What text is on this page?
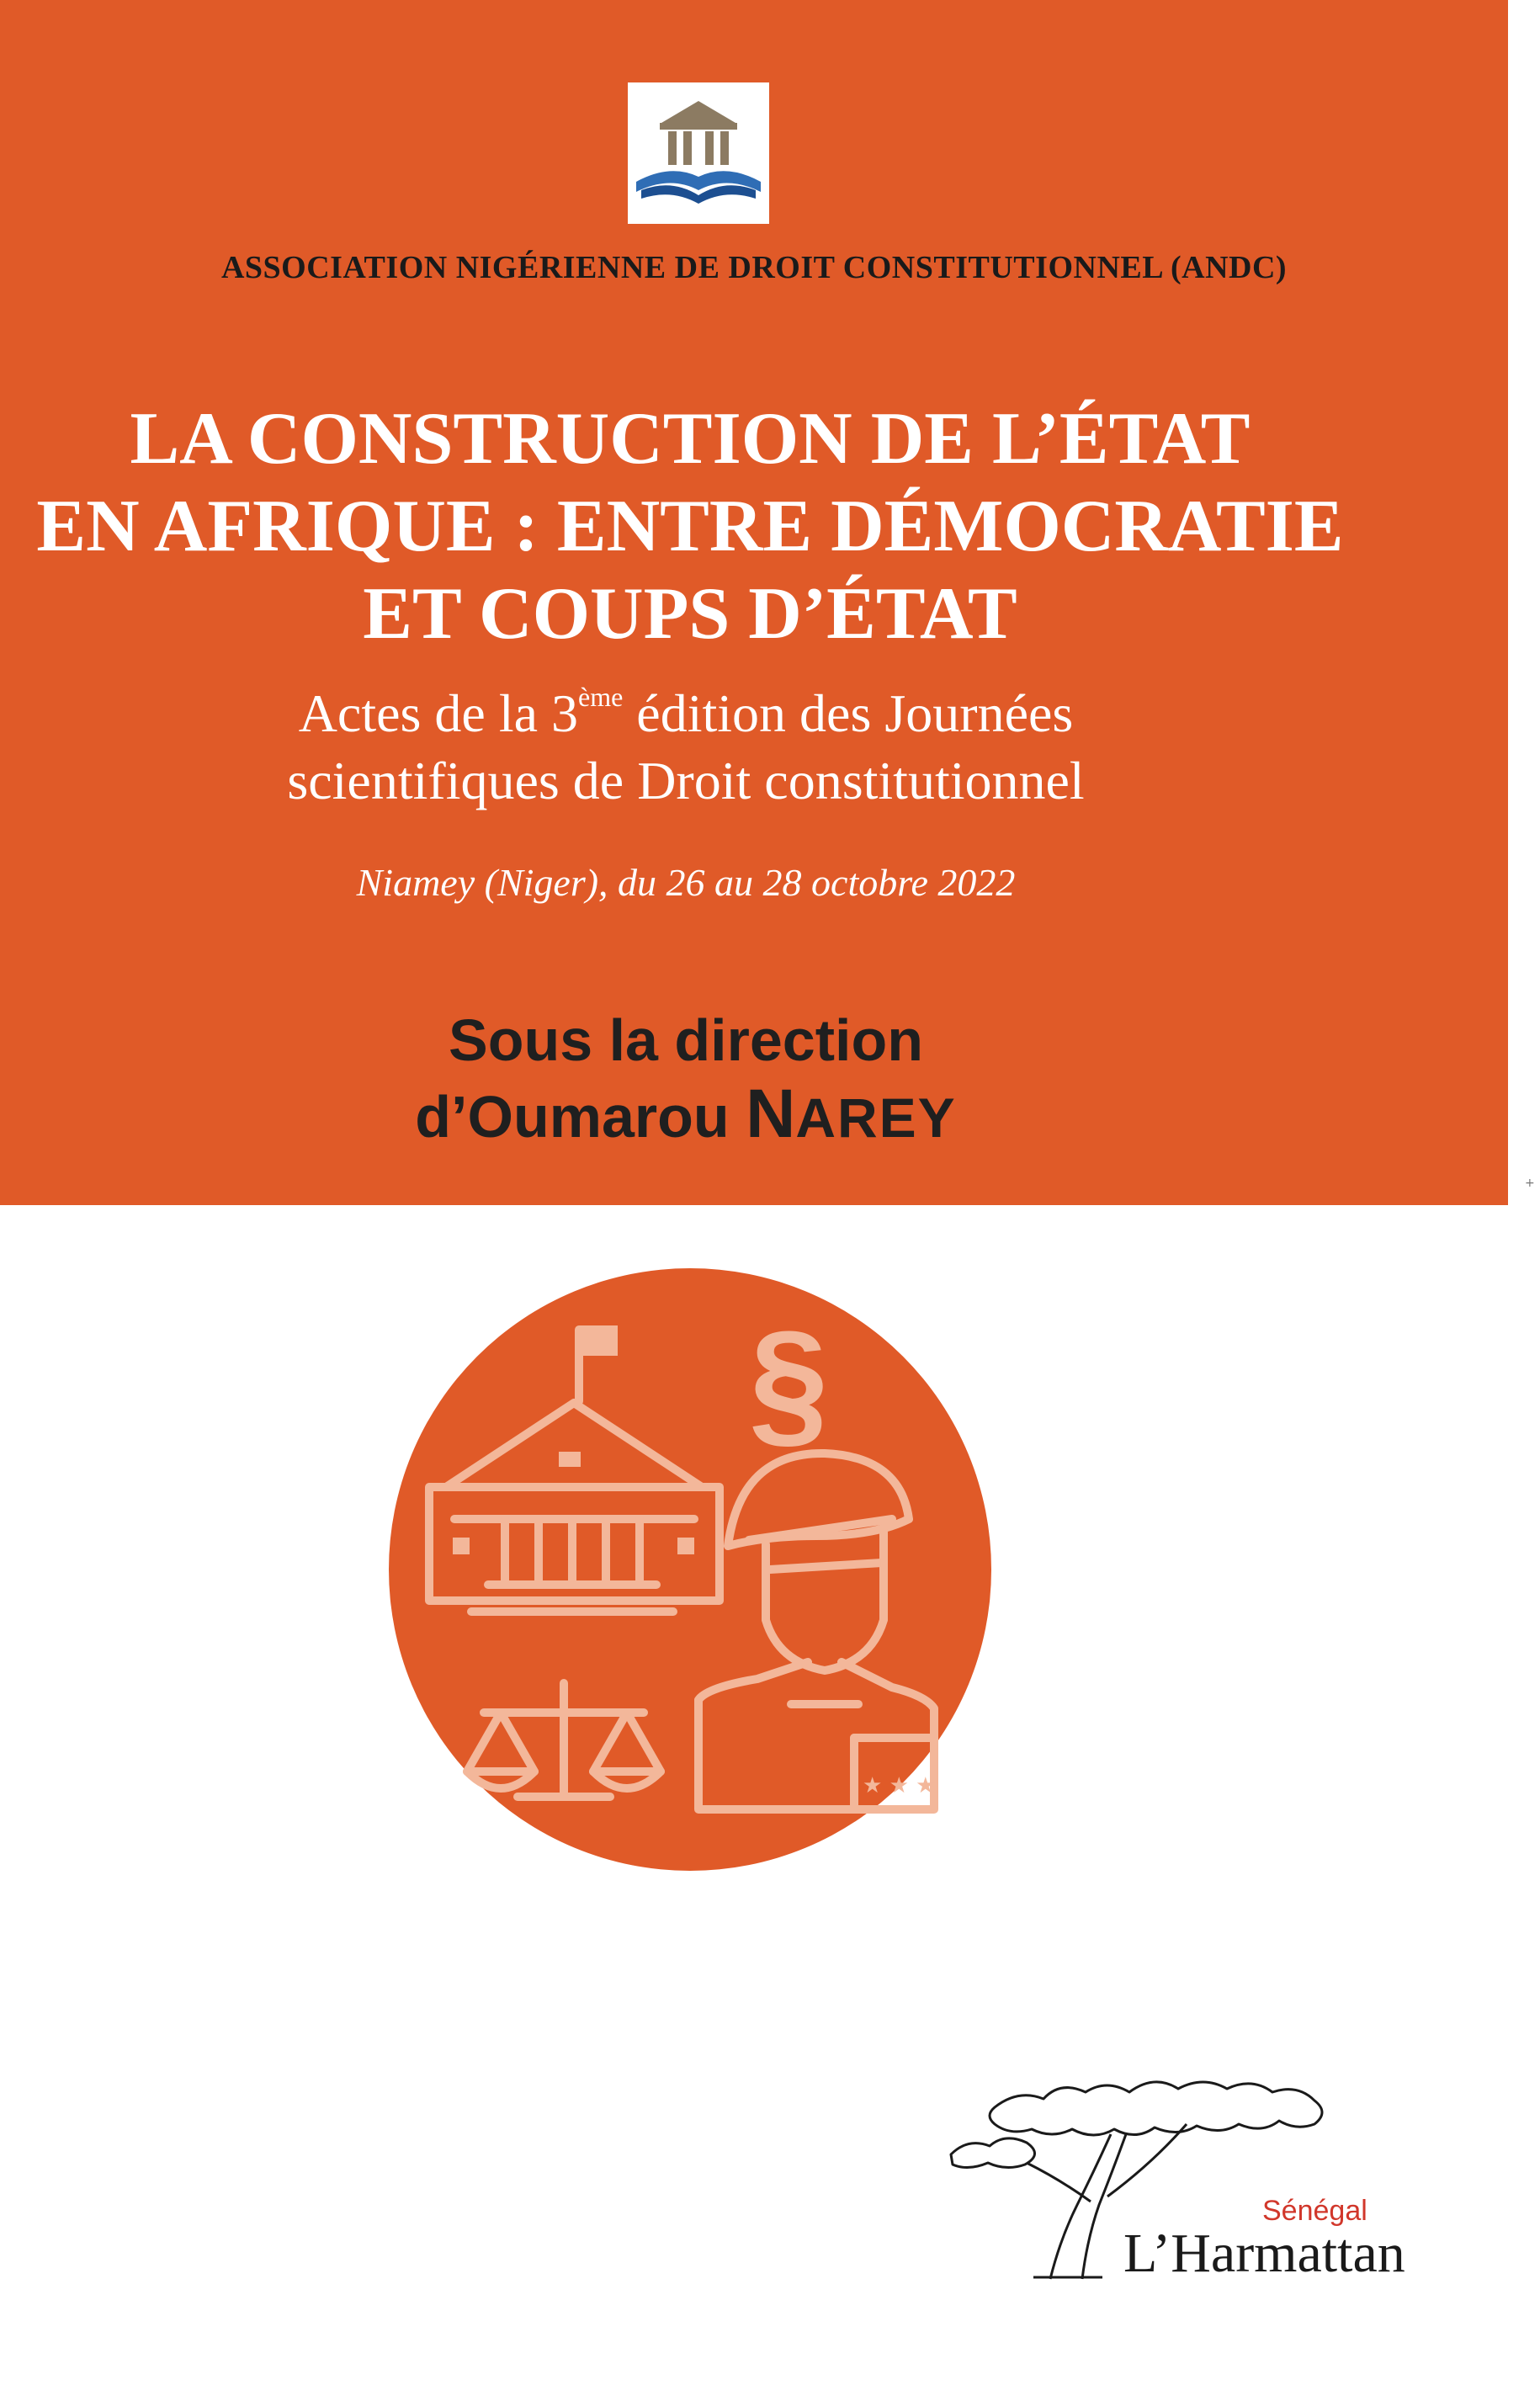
ASSOCIATION NIGÉRIENNE DE DROIT CONSTITUTIONNEL (ANDC)
LA CONSTRUCTION DE L’ÉTAT
EN AFRIQUE : ENTRE DÉMOCRATIE
ET COUPS D’ÉTAT
Actes de la 3ème édition des Journées
scientifiques de Droit constitutionnel
Niamey (Niger), du 26 au 28 octobre 2022
Sous la direction
d’Oumarou NAREY
+
§
★ ★ ★
Sénégal
L’Harmattan
